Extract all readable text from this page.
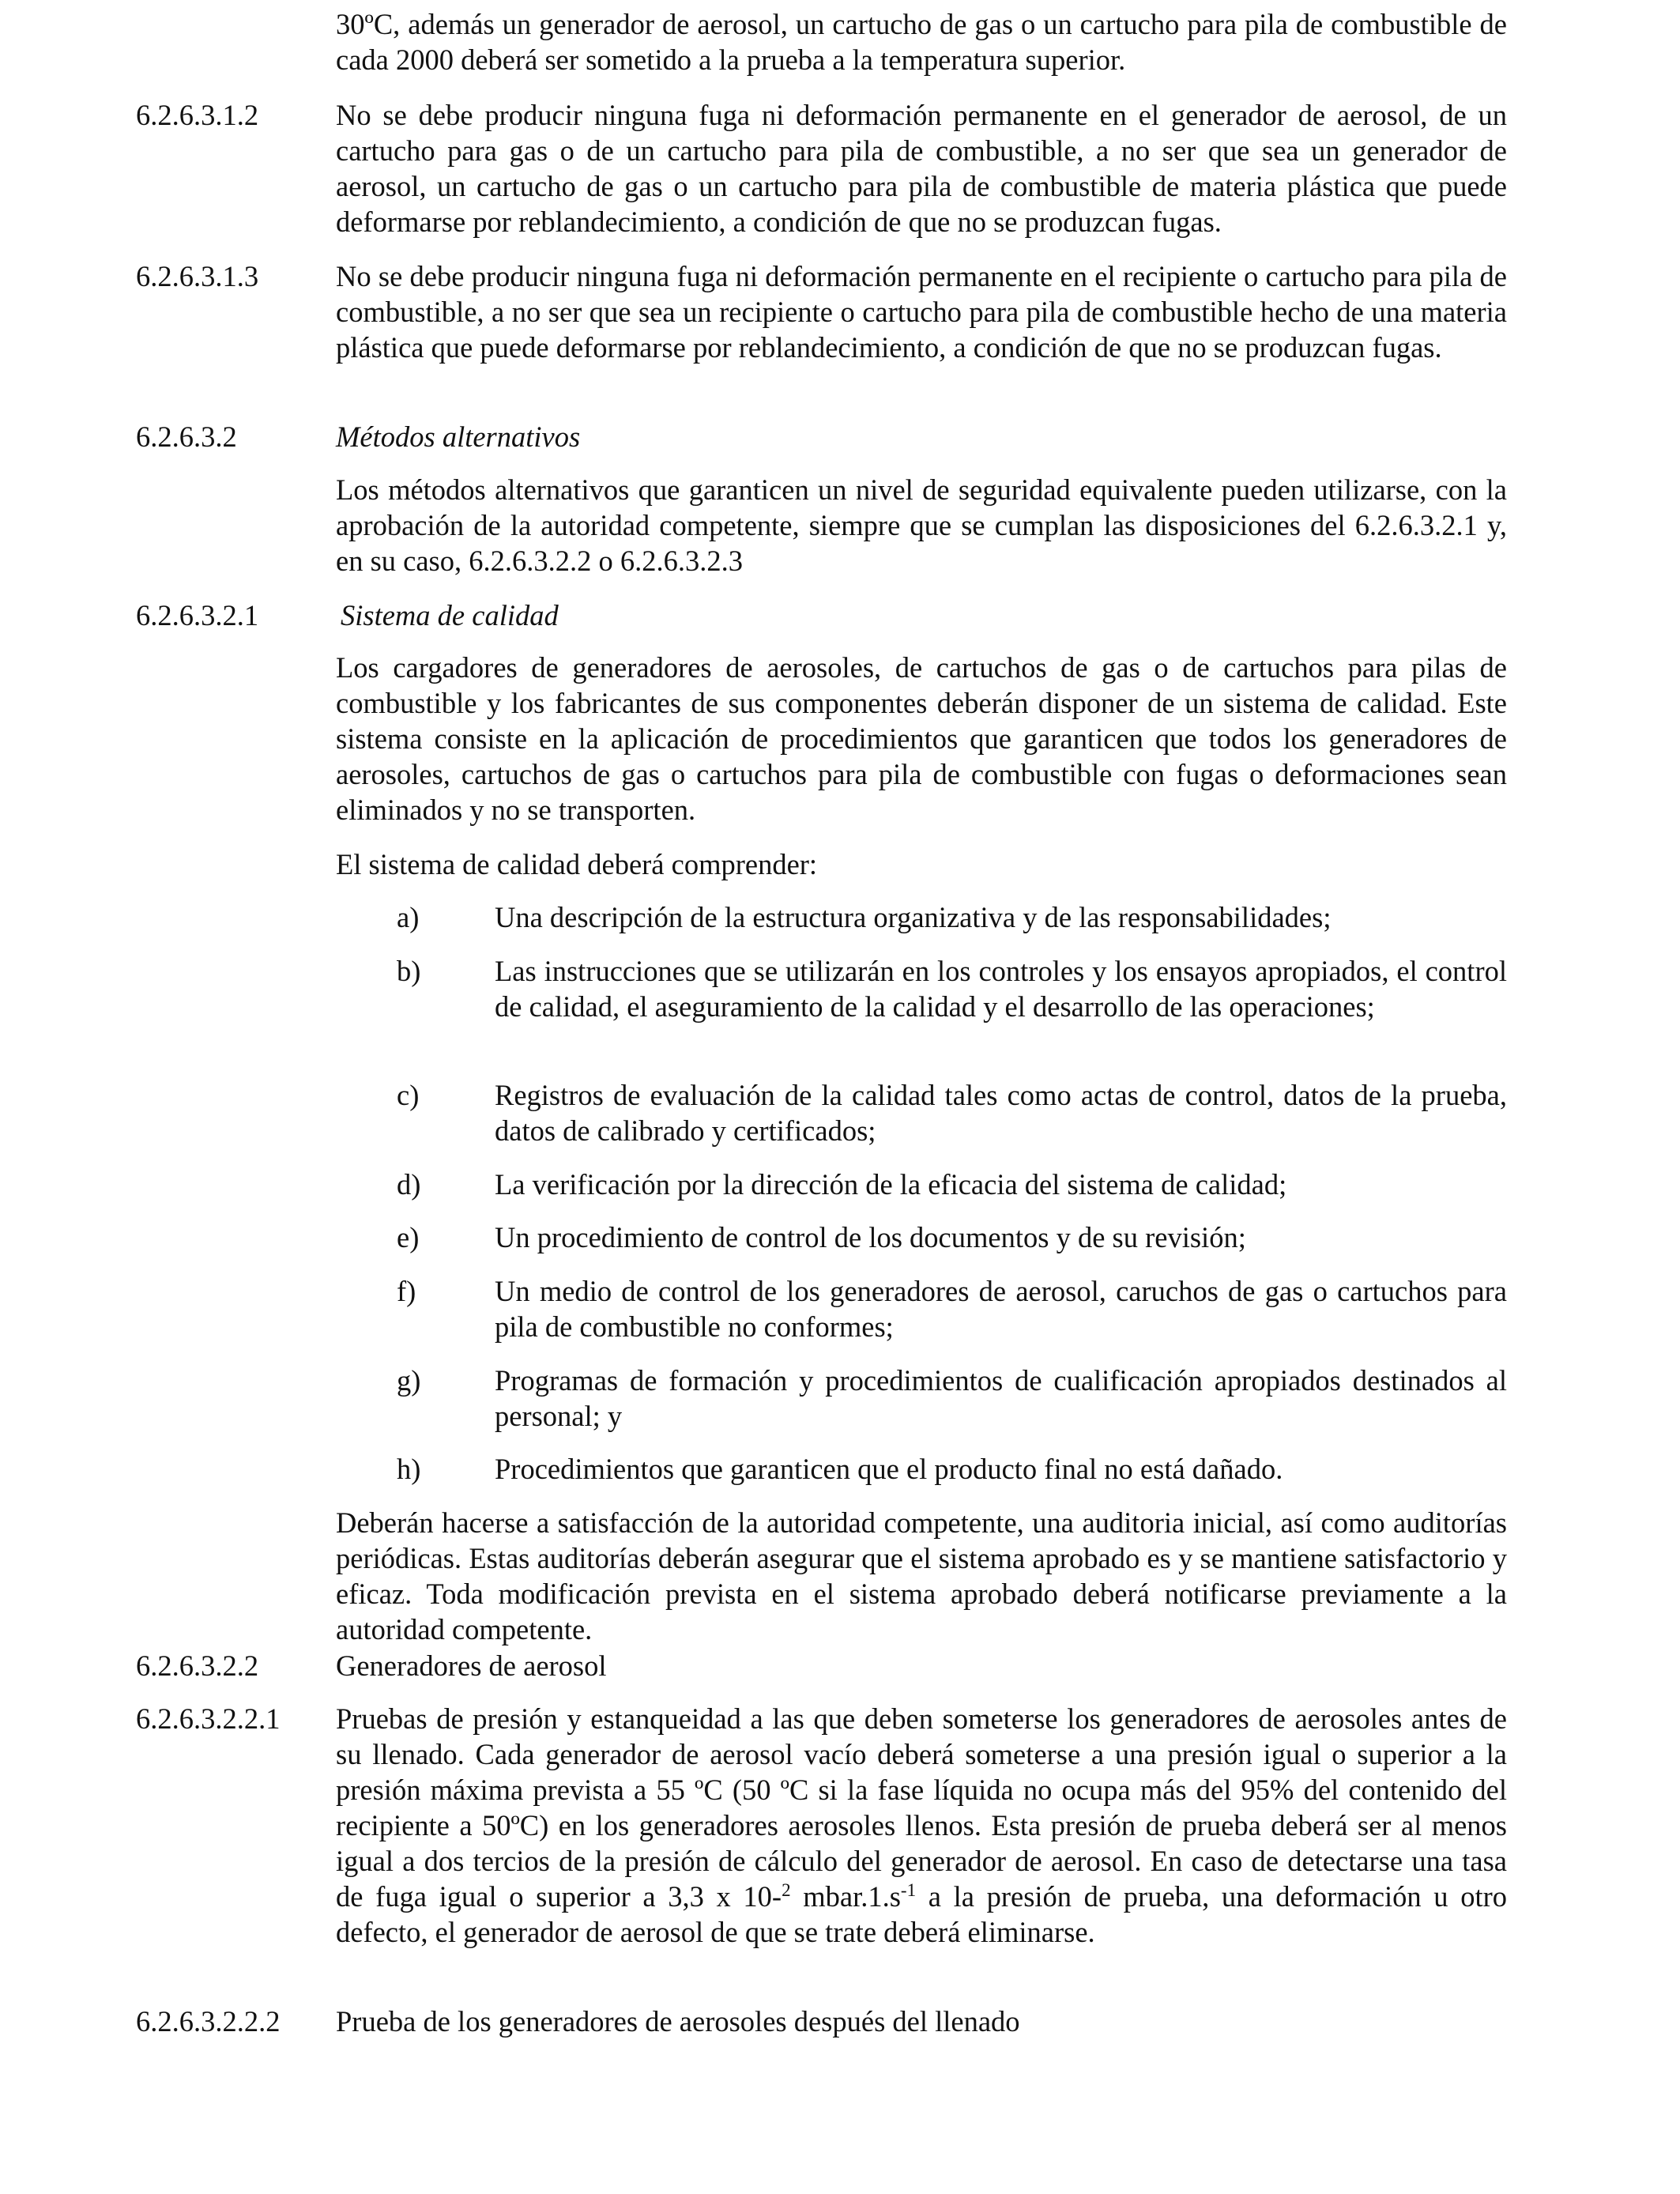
30ºC, además un generador de aerosol, un cartucho de gas o un cartucho para pila de combustible de cada 2000 deberá ser sometido a la prueba a la temperatura superior.
6.2.6.3.1.2	No se debe producir ninguna fuga ni deformación permanente en el generador de aerosol, de un cartucho para gas o de un cartucho para pila de combustible, a no ser que sea un generador de aerosol, un cartucho de gas o un cartucho para pila de combustible de materia plástica que puede deformarse por reblandecimiento, a condición de que no se produzcan fugas.
6.2.6.3.1.3	No se debe producir ninguna fuga ni deformación permanente en el recipiente o cartucho para pila de combustible, a no ser que sea un recipiente o cartucho para pila de combustible hecho de una materia plástica que puede deformarse por reblandecimiento, a condición de que no se produzcan fugas.
6.2.6.3.2	Métodos alternativos
Los métodos alternativos que garanticen un nivel de seguridad equivalente pueden utilizarse, con la aprobación de la autoridad competente, siempre que se cumplan las disposiciones del 6.2.6.3.2.1 y, en su caso, 6.2.6.3.2.2 o 6.2.6.3.2.3
6.2.6.3.2.1	Sistema de calidad
Los cargadores de generadores de aerosoles, de cartuchos de gas o de cartuchos para pilas de combustible y los fabricantes de sus componentes deberán disponer de un sistema de calidad. Este sistema consiste en la aplicación de procedimientos que garanticen que todos los generadores de aerosoles, cartuchos de gas o cartuchos para pila de combustible con fugas o deformaciones sean eliminados y no se transporten.
El sistema de calidad deberá comprender:
a)	Una descripción de la estructura organizativa y de las responsabilidades;
b)	Las instrucciones que se utilizarán en los controles y los ensayos apropiados, el control de calidad, el aseguramiento de la calidad y el desarrollo de las operaciones;
c)	Registros de evaluación de la calidad tales como actas de control, datos de la prueba, datos de calibrado y certificados;
d)	La verificación por la dirección de la eficacia del sistema de calidad;
e)	Un procedimiento de control de los documentos y de su revisión;
f)	Un medio de control de los generadores de aerosol, caruchos de gas o cartuchos para pila de combustible no conformes;
g)	Programas de formación y procedimientos de cualificación apropiados destinados al personal; y
h)	Procedimientos que garanticen que el producto final no está dañado.
Deberán hacerse a satisfacción de la autoridad competente, una auditoria inicial, así como auditorías periódicas. Estas auditorías deberán asegurar que el sistema aprobado es y se mantiene satisfactorio y eficaz. Toda modificación prevista en el sistema aprobado deberá notificarse previamente a la autoridad competente.
6.2.6.3.2.2	Generadores de aerosol
6.2.6.3.2.2.1 Pruebas de presión y estanqueidad a las que deben someterse los generadores de aerosoles antes de su llenado. Cada generador de aerosol vacío deberá someterse a una presión igual o superior a la presión máxima prevista a 55 ºC (50 ºC si la fase líquida no ocupa más del 95% del contenido del recipiente a 50ºC) en los generadores aerosoles llenos. Esta presión de prueba deberá ser al menos igual a dos tercios de la presión de cálculo del generador de aerosol. En caso de detectarse una tasa de fuga igual o superior a 3,3 x 10-$^2$ $mbar.1.s^{-1}$ a la presión de prueba, una deformación u otro defecto, el generador de aerosol de que se trate deberá eliminarse.
6.2.6.3.2.2.2 Prueba de los generadores de aerosoles después del llenado
